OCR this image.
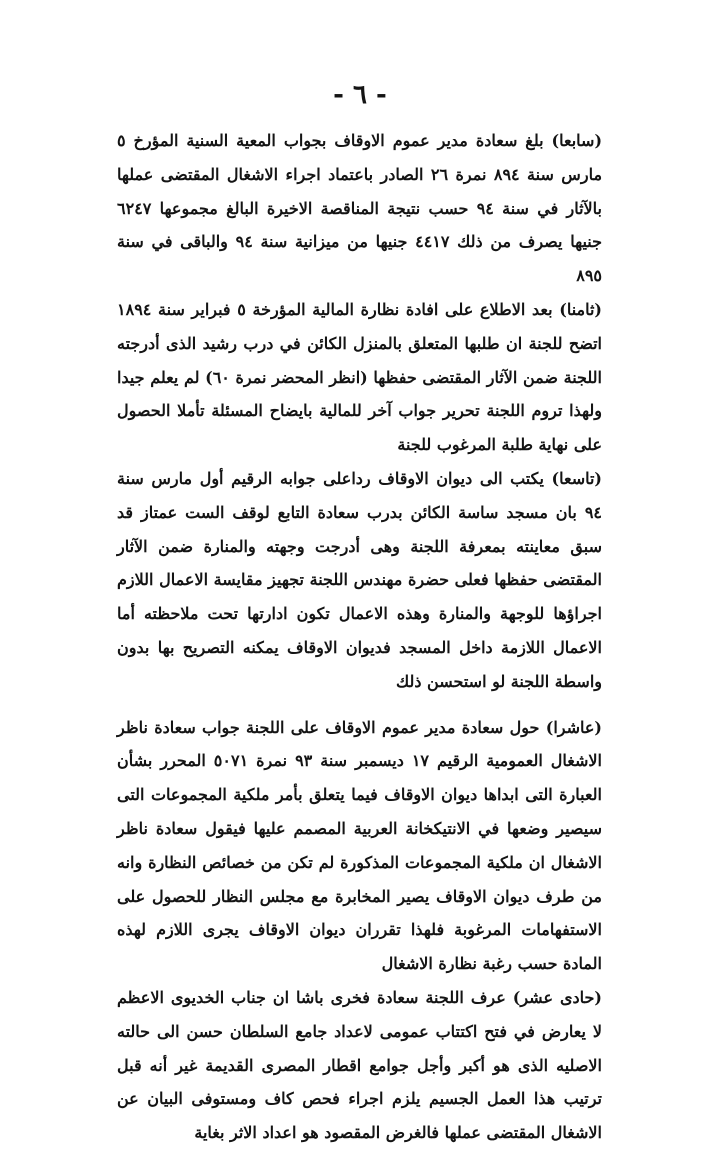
- ٦ -

(سابعا) بلغ سعادة مدير عموم الاوقاف بجواب المعية السنية المؤرخ ٥ مارس سنة ٨٩٤ نمرة ٢٦ الصادر باعتماد اجراء الاشغال المقتضى عملها بالآثار في سنة ٩٤ حسب نتيجة المناقصة الاخيرة البالغ مجموعها ٦٢٤٧ جنيها يصرف من ذلك ٤٤١٧ جنيها من ميزانية سنة ٩٤ والباقى في سنة ٨٩٥

(ثامنا) بعد الاطلاع على افادة نظارة المالية المؤرخة ٥ فبراير سنة ١٨٩٤ اتضح للجنة ان طلبها المتعلق بالمنزل الكائن في درب رشيد الذى أدرجته اللجنة ضمن الآثار المقتضى حفظها (انظر المحضر نمرة ٦٠) لم يعلم جيدا ولهذا تروم اللجنة تحرير جواب آخر للمالية بايضاح المسئلة تأملا الحصول على نهاية طلبة المرغوب للجنة

(تاسعا) يكتب الى ديوان الاوقاف رداعلى جوابه الرقيم أول مارس سنة ٩٤ بان مسجد ساسة الكائن بدرب سعادة التابع لوقف الست عمتاز قد سبق معاينته بمعرفة اللجنة وهى أدرجت وجهته والمنارة ضمن الآثار المقتضى حفظها فعلى حضرة مهندس اللجنة تجهيز مقايسة الاعمال اللازم اجراؤها للوجهة والمنارة وهذه الاعمال تكون ادارتها تحت ملاحظته أما الاعمال اللازمة داخل المسجد فديوان الاوقاف يمكنه التصريح بها بدون واسطة اللجنة لو استحسن ذلك

(عاشرا) حول سعادة مدير عموم الاوقاف على اللجنة جواب سعادة ناظر الاشغال العمومية الرقيم ١٧ ديسمبر سنة ٩٣ نمرة ٥٠٧١ المحرر بشأن العبارة التى ابداها ديوان الاوقاف فيما يتعلق بأمر ملكية المجموعات التى سيصير وضعها في الانتيكخانة العربية المصمم عليها فيقول سعادة ناظر الاشغال ان ملكية المجموعات المذكورة لم تكن من خصائص النظارة وانه من طرف ديوان الاوقاف يصير المخابرة مع مجلس النظار للحصول على الاستفهامات المرغوبة فلهذا تقرران ديوان الاوقاف يجرى اللازم لهذه المادة حسب رغبة نظارة الاشغال

(حادى عشر) عرف اللجنة سعادة فخرى باشا ان جناب الخديوى الاعظم لا يعارض في فتح اكتتاب عمومى لاعداد جامع السلطان حسن الى حالته الاصليه الذى هو أكبر وأجل جوامع اقطار المصرى القديمة غير أنه قبل ترتيب هذا العمل الجسيم يلزم اجراء فحص كاف ومستوفى البيان عن الاشغال المقتضى عملها فالغرض المقصود هو اعداد الاثر بغاية
